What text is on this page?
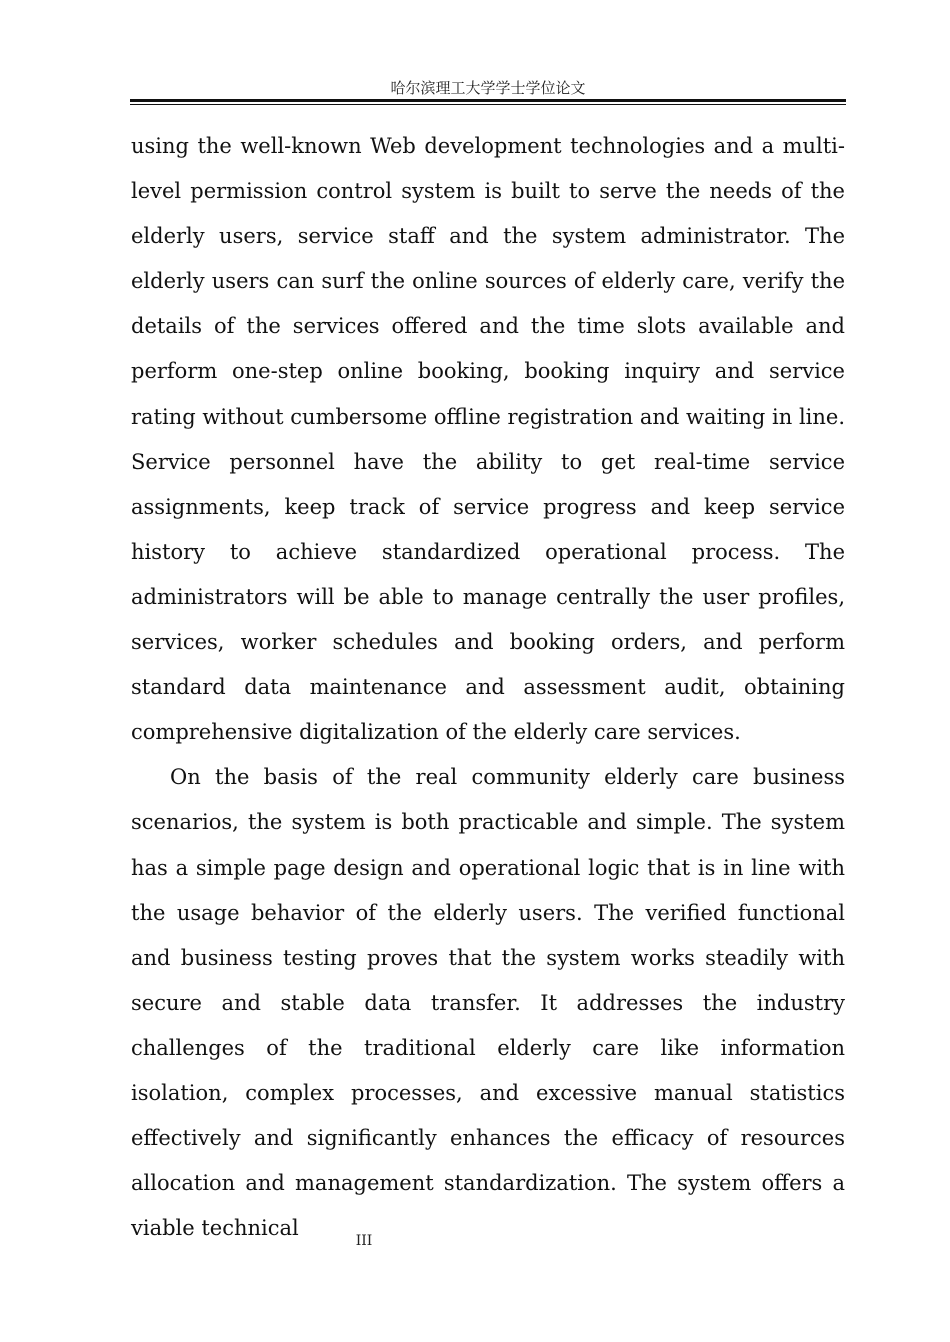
哈尔滨理工大学学士学位论文

using the well-known Web development technologies and a multi-level permission control system is built to serve the needs of the elderly users, service staff and the system administrator. The elderly users can surf the online sources of elderly care, verify the details of the services offered and the time slots available and perform one-step online booking, booking inquiry and service rating without cumbersome offline registration and waiting in line. Service personnel have the ability to get real-time service assignments, keep track of service progress and keep service history to achieve standardized operational process. The administrators will be able to manage centrally the user profiles, services, worker schedules and booking orders, and perform standard data maintenance and assessment audit, obtaining comprehensive digitalization of the elderly care services.

On the basis of the real community elderly care business scenarios, the system is both practicable and simple. The system has a simple page design and operational logic that is in line with the usage behavior of the elderly users. The verified functional and business testing proves that the system works steadily with secure and stable data transfer. It addresses the industry challenges of the traditional elderly care like information isolation, complex processes, and excessive manual statistics effectively and significantly enhances the efficacy of resources allocation and management standardization. The system offers a viable technical

III
